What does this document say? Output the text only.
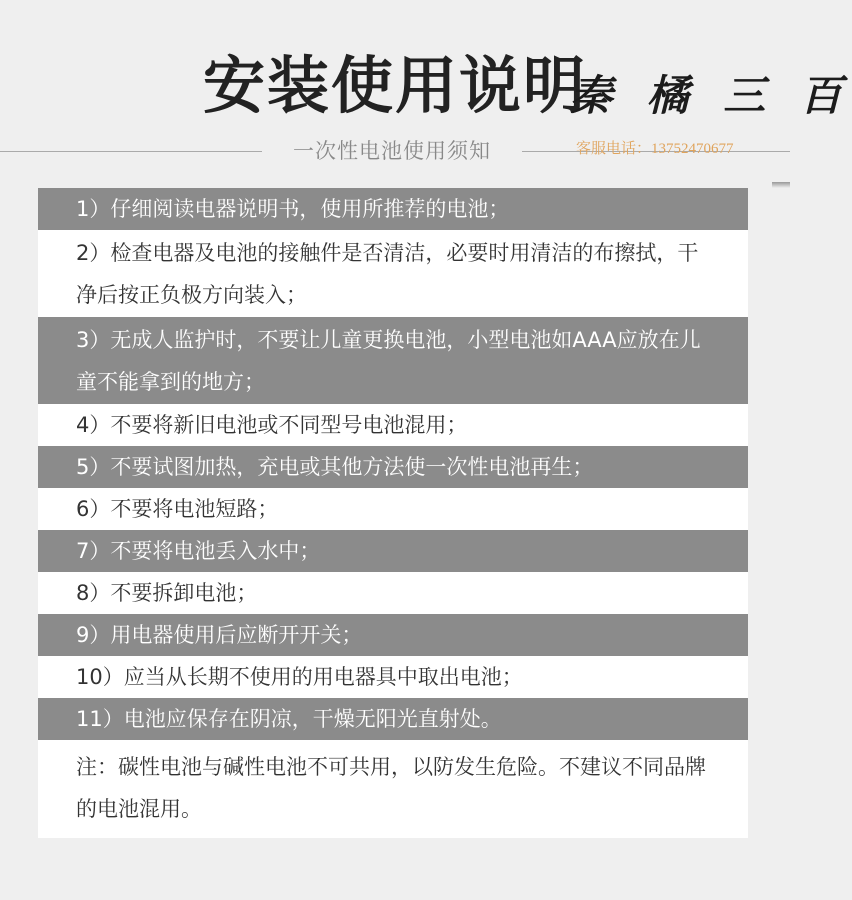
安装使用说明
一次性电池使用须知
秦 橘 三 百
客服电话：13752470677
1）仔细阅读电器说明书，使用所推荐的电池；
2）检查电器及电池的接触件是否清洁，必要时用清洁的布擦拭，干净后按正负极方向装入；
3）无成人监护时，不要让儿童更换电池，小型电池如AAA应放在儿童不能拿到的地方；
4）不要将新旧电池或不同型号电池混用；
5）不要试图加热，充电或其他方法使一次性电池再生；
6）不要将电池短路；
7）不要将电池丢入水中；
8）不要拆卸电池；
9）用电器使用后应断开开关；
10）应当从长期不使用的用电器具中取出电池；
11）电池应保存在阴凉，干燥无阳光直射处。
注：碳性电池与碱性电池不可共用，以防发生危险。不建议不同品牌的电池混用。
